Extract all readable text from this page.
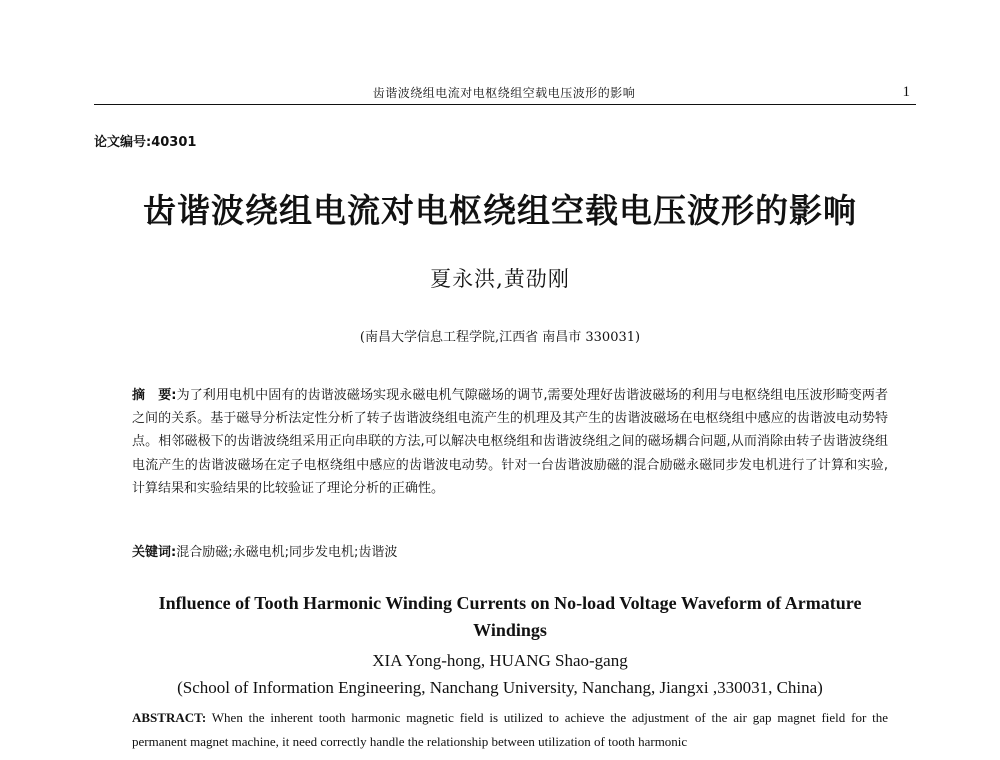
齿谐波绕组电流对电枢绕组空载电压波形的影响	1
论文编号:40301
齿谐波绕组电流对电枢绕组空载电压波形的影响
夏永洪,黄劭刚
(南昌大学信息工程学院,江西省 南昌市 330031)
摘　要:为了利用电机中固有的齿谐波磁场实现永磁电机气隙磁场的调节,需要处理好齿谐波磁场的利用与电枢绕组电压波形畸变两者之间的关系。基于磁导分析法定性分析了转子齿谐波绕组电流产生的机理及其产生的齿谐波磁场在电枢绕组中感应的齿谐波电动势特点。相邻磁极下的齿谐波绕组采用正向串联的方法,可以解决电枢绕组和齿谐波绕组之间的磁场耦合问题,从而消除由转子齿谐波绕组电流产生的齿谐波磁场在定子电枢绕组中感应的齿谐波电动势。针对一台齿谐波励磁的混合励磁永磁同步发电机进行了计算和实验,计算结果和实验结果的比较验证了理论分析的正确性。
关键词:混合励磁;永磁电机;同步发电机;齿谐波
Influence of Tooth Harmonic Winding Currents on No-load Voltage Waveform of Armature Windings
XIA Yong-hong, HUANG Shao-gang
(School of Information Engineering, Nanchang University, Nanchang, Jiangxi ,330031, China)
ABSTRACT: When the inherent tooth harmonic magnetic field is utilized to achieve the adjustment of the air gap magnet field for the permanent magnet machine, it need correctly handle the relationship between utilization of tooth harmonic
